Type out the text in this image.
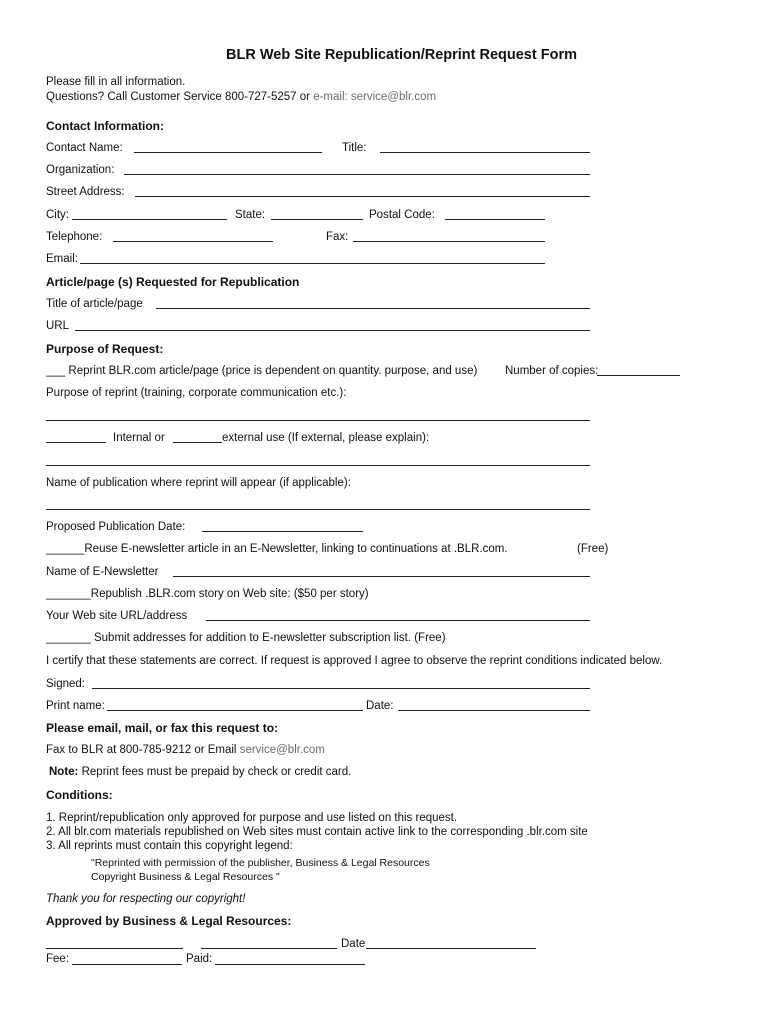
BLR Web Site Republication/Reprint Request Form
Please fill in all information.
Questions? Call Customer Service 800-727-5257 or e-mail: service@blr.com
Contact Information:
Contact Name:	Title:
Organization:
Street Address:
City:	State:	Postal Code:
Telephone:	Fax:
Email:
Article/page (s) Requested for Republication
Title of article/page
URL
Purpose of Request:
___ Reprint BLR.com article/page (price is dependent on quantity. purpose, and use) Number of copies:
Purpose of reprint (training, corporate communication etc.):
Internal or	external use (If external, please explain):
Name of publication where reprint will appear (if applicable):
Proposed Publication Date:
______Reuse E-newsletter article in an E-Newsletter, linking to continuations at .BLR.com.	(Free)
Name of E-Newsletter
_______Republish .BLR.com story on Web site: ($50 per story)
Your Web site URL/address
_______ Submit addresses for addition to E-newsletter subscription list. (Free)
I certify that these statements are correct. If request is approved I agree to observe the reprint conditions indicated below.
Signed:
Print name:	Date:
Please email, mail, or fax this request to:
Fax to BLR at 800-785-9212 or Email service@blr.com
Note: Reprint fees must be prepaid by check or credit card.
Conditions:
1. Reprint/republication only approved for purpose and use listed on this request.
2. All blr.com materials republished on Web sites must contain active link to the corresponding .blr.com site
3. All reprints must contain this copyright legend:
"Reprinted with permission of the publisher, Business & Legal Resources
Copyright Business & Legal Resources "
Thank you for respecting our copyright!
Approved by Business & Legal Resources:
Date
Fee:	Paid:
